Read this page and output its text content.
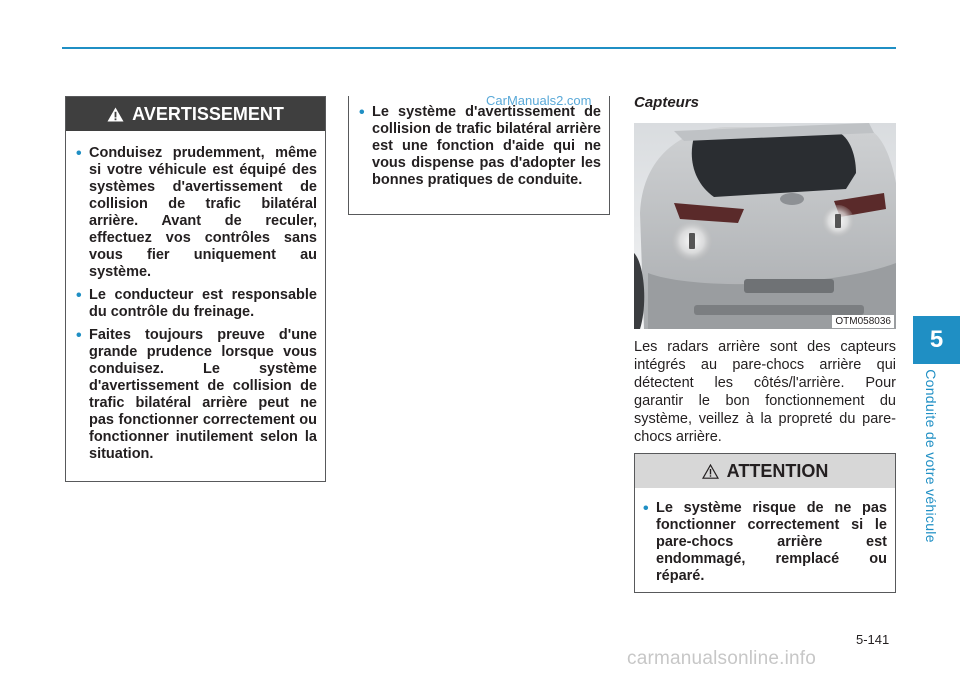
AVERTISSEMENT
• Conduisez prudemment, même si votre véhicule est équipé des systèmes d'avertissement de collision de trafic bilatéral arrière. Avant de reculer, effectuez vos contrôles sans vous fier uniquement au système.
• Le conducteur est responsable du contrôle du freinage.
• Faites toujours preuve d'une grande prudence lorsque vous conduisez. Le système d'avertissement de collision de trafic bilatéral arrière peut ne pas fonctionner correctement ou fonctionner inutilement selon la situation.
• Le système d'avertissement de collision de trafic bilatéral arrière est une fonction d'aide qui ne vous dispense pas d'adopter les bonnes pratiques de conduite.
CarManuals2.com	Capteurs
OTM058036
Les radars arrière sont des capteurs intégrés au pare-chocs arrière qui détectent les côtés/l'arrière. Pour garantir le bon fonctionnement du système, veillez à la propreté du pare-chocs arrière.
ATTENTION
• Le système risque de ne pas fonctionner correctement si le pare-chocs arrière est endommagé, remplacé ou réparé.
5
Conduite de votre véhicule
5-141
carmanualsonline.info
